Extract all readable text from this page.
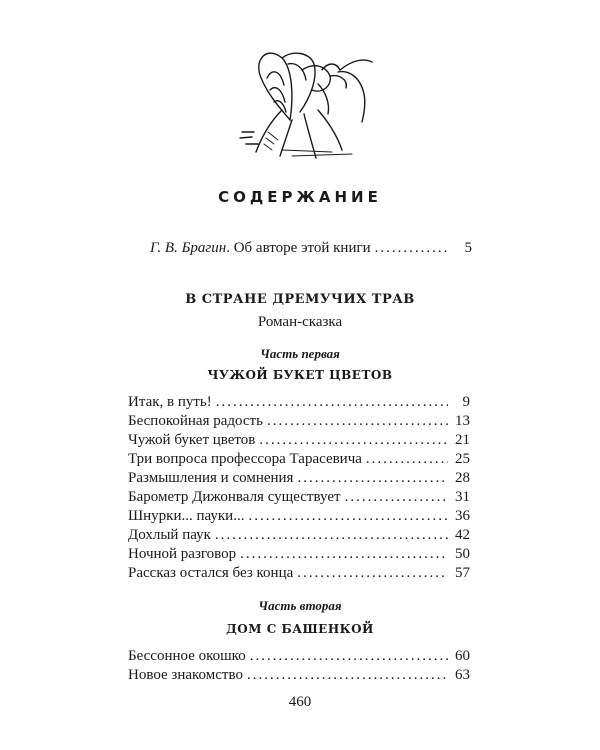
СОДЕРЖАНИЕ
Г. В. Брагин . Об авторе этой книги .....	5
В СТРАНЕ ДРЕМУЧИХ ТРАВ
Роман-сказка
Часть первая
ЧУЖОЙ БУКЕТ ЦВЕТОВ
Итак, в путь! .....	9
Беспокойная радость .....	13
Чужой букет цветов .....	21
Три вопроса профессора Тарасевича .....	25
Размышления и сомнения .....	28
Барометр Дижонваля существует .....	31
Шнурки... пауки... .....	36
Дохлый паук .....	42
Ночной разговор .....	50
Рассказ остался без конца .....	57
Часть вторая
ДОМ С БАШЕНКОЙ
Бессонное окошко .....	60
Новое знакомство .....	63
460
